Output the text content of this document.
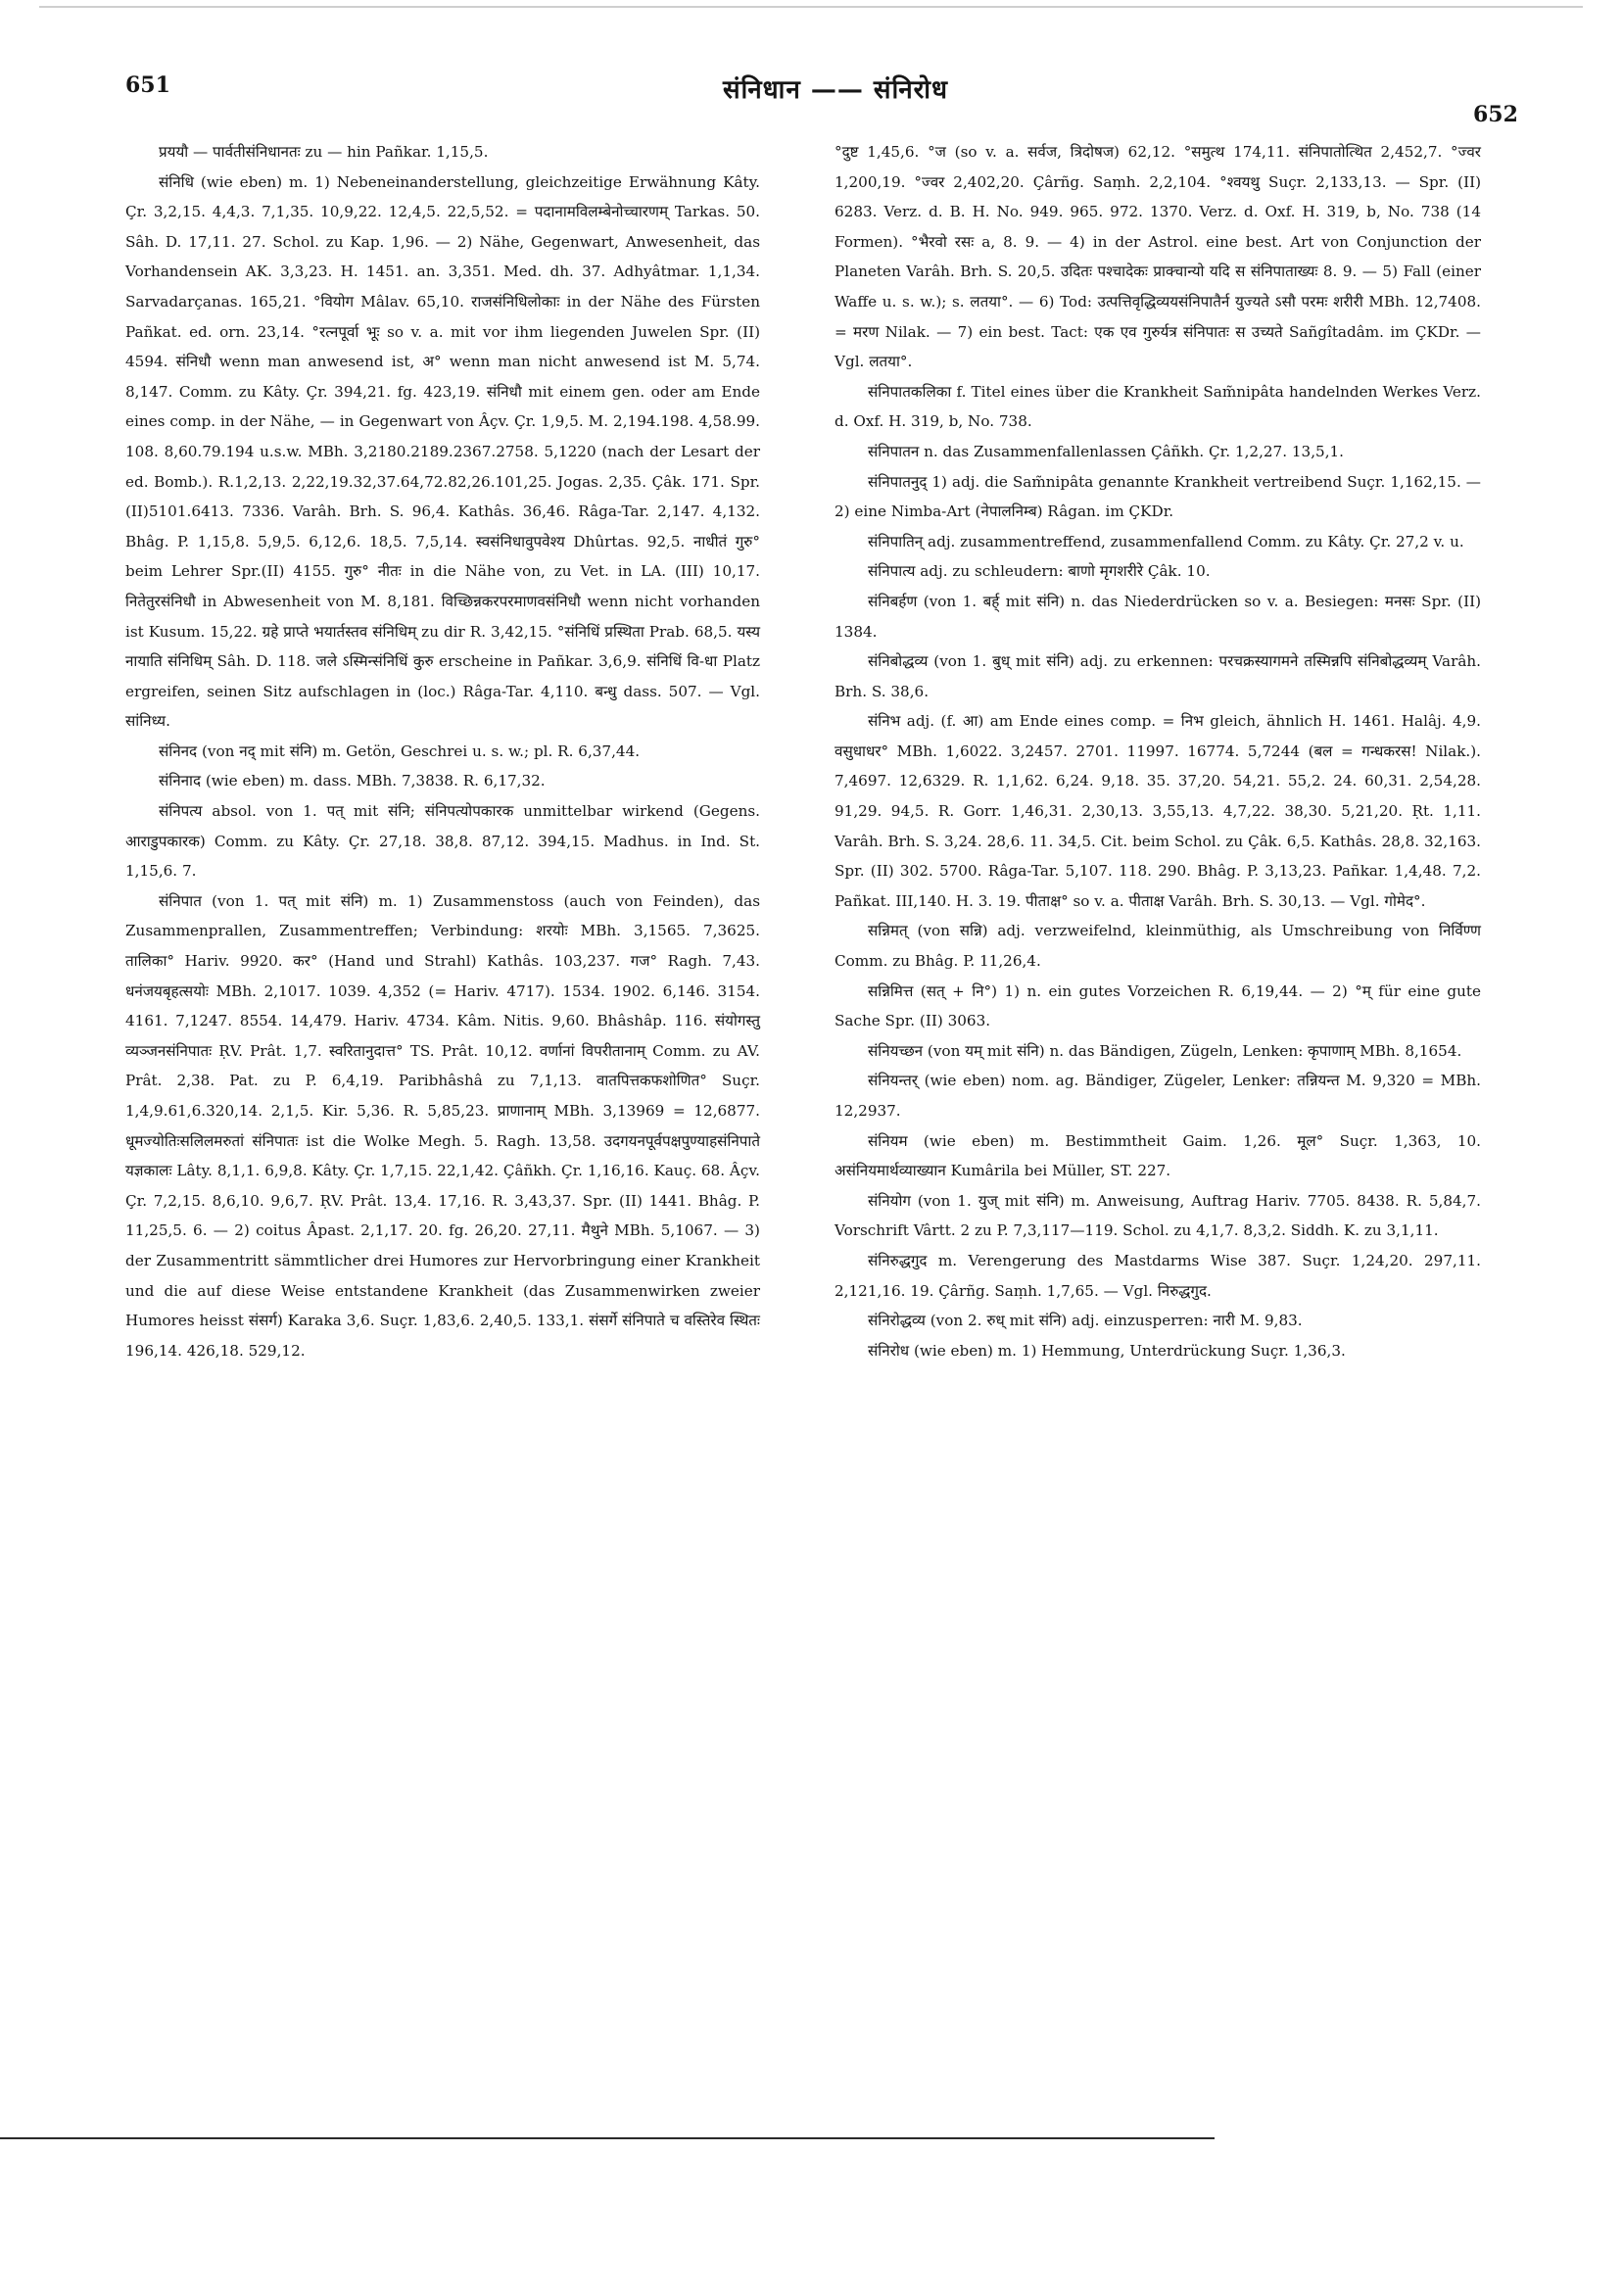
651	संनिधान —— संनिरोध
652

प्रययौ — पार्वतीसंनिधानतः zu — hin Pañkar. 1,15,5.

संनिधि (wie eben) m. 1) Nebeneinanderstellung, gleichzeitige Erwähnung Kâty. Çr. 3,2,15. 4,4,3. 7,1,35. 10,9,22. 12,4,5. 22,5,52. = पदानामविलम्बेनोच्चारणम् Tarkas. 50. Sâh. D. 17,11. 27. Schol. zu Kap. 1,96. — 2) Nähe, Gegenwart, Anwesenheit, das Vorhandensein AK. 3,3,23. H. 1451. an. 3,351. Med. dh. 37. Adhyâtmar. 1,1,34. Sarvadarçanas. 165,21. °वियोग Mâlav. 65,10. राजसंनिधिलोकाः in der Nähe des Fürsten Pañkat. ed. orn. 23,14. °रत्नपूर्वा भूः so v. a. mit vor ihm liegenden Juwelen Spr. (II) 4594. संनिधौ wenn man anwesend ist, अ° wenn man nicht anwesend ist M. 5,74. 8,147. Comm. zu Kâty. Çr. 394,21. fg. 423,19. संनिधौ mit einem gen. oder am Ende eines comp. in der Nähe, — in Gegenwart von Âçv. Çr. 1,9,5. M. 2,194.198. 4,58.99. 108. 8,60.79.194 u.s.w. MBh. 3,2180.2189.2367.2758. 5,1220 (nach der Lesart der ed. Bomb.). R.1,2,13. 2,22,19.32,37.64,72.82,26.101,25. Jogas. 2,35. Çâk. 171. Spr.(II)5101.6413. 7336. Varâh. Brh. S. 96,4. Kathâs. 36,46. Râga-Tar. 2,147. 4,132. Bhâg. P. 1,15,8. 5,9,5. 6,12,6. 18,5. 7,5,14. स्वसंनिधावुपवेश्य Dhûrtas. 92,5. नाधीतं गुरु° beim Lehrer Spr.(II) 4155. गुरु° नीतः in die Nähe von, zu Vet. in LA. (III) 10,17. नितेतुरसंनिधौ in Abwesenheit von M. 8,181. विच्छिन्नकरपरमाणवसंनिधौ wenn nicht vorhanden ist Kusum. 15,22. ग्रहे प्राप्ते भयार्तस्तव संनिधिम् zu dir R. 3,42,15. °संनिधिं प्रस्थिता Prab. 68,5. यस्य नायाति संनिधिम् Sâh. D. 118. जले ऽस्मिन्संनिधिं कुरु erscheine in Pañkar. 3,6,9. संनिधिं वि-धा Platz ergreifen, seinen Sitz aufschlagen in (loc.) Râga-Tar. 4,110. बन्धु dass. 507. — Vgl. सांनिध्य.

संनिनद (von नद् mit संनि) m. Getön, Geschrei u. s. w.; pl. R. 6,37,44.

संनिनाद (wie eben) m. dass. MBh. 7,3838. R. 6,17,32.

संनिपत्य absol. von 1. पत् mit संनि; संनिपत्योपकारक unmittelbar wirkend (Gegens. आराडुपकारक) Comm. zu Kâty. Çr. 27,18. 38,8. 87,12. 394,15. Madhus. in Ind. St. 1,15,6. 7.

संनिपात (von 1. पत् mit संनि) m. 1) Zusammenstoss (auch von Feinden), das Zusammenprallen, Zusammentreffen; Verbindung: शरयोः MBh. 3,1565. 7,3625. तालिका° Hariv. 9920. कर° (Hand und Strahl) Kathâs. 103,237. गज° Ragh. 7,43. धनंजयबृहत्सयोः MBh. 2,1017. 1039. 4,352 (= Hariv. 4717). 1534. 1902. 6,146. 3154. 4161. 7,1247. 8554. 14,479. Hariv. 4734. Kâm. Nitis. 9,60. Bhâshâp. 116. संयोगस्तु व्यञ्जनसंनिपातः ṚV. Prât. 1,7. स्वरितानुदात्त° TS. Prât. 10,12. वर्णानां विपरीतानाम् Comm. zu AV. Prât. 2,38. Pat. zu P. 6,4,19. Paribhâshâ zu 7,1,13. वातपित्तकफशोणित° Suçr. 1,4,9.61,6.320,14. 2,1,5. Kir. 5,36. R. 5,85,23. प्राणानाम् MBh. 3,13969 = 12,6877. धूमज्योतिःसलिलमरुतां संनिपातः ist die Wolke Megh. 5. Ragh. 13,58. उदगयनपूर्वपक्षपुण्याहसंनिपाते यज्ञकालः Lâty. 8,1,1. 6,9,8. Kâty. Çr. 1,7,15. 22,1,42. Çâñkh. Çr. 1,16,16. Kauç. 68. Âçv. Çr. 7,2,15. 8,6,10. 9,6,7. ṚV. Prât. 13,4. 17,16. R. 3,43,37. Spr. (II) 1441. Bhâg. P. 11,25,5. 6. — 2) coitus Âpast. 2,1,17. 20. fg. 26,20. 27,11. मैथुने MBh. 5,1067. — 3) der Zusammentritt sämmtlicher drei Humores zur Hervorbringung einer Krankheit und die auf diese Weise entstandene Krankheit (das Zusammenwirken zweier Humores heisst संसर्ग) Karaka 3,6. Suçr. 1,83,6. 2,40,5. 133,1. संसर्गे संनिपाते च वस्तिरेव स्थितः 196,14. 426,18. 529,12.

°दुष्ट 1,45,6. °ज (so v. a. सर्वज, त्रिदोषज) 62,12. °समुत्थ 174,11. संनिपातोत्थित 2,452,7. °ज्वर 1,200,19. °ज्वर 2,402,20. Çârñg. Saṃh. 2,2,104. °श्वयथु Suçr. 2,133,13. — Spr. (II) 6283. Verz. d. B. H. No. 949. 965. 972. 1370. Verz. d. Oxf. H. 319, b, No. 738 (14 Formen). °भैरवो रसः a, 8. 9. — 4) in der Astrol. eine best. Art von Conjunction der Planeten Varâh. Brh. S. 20,5. उदितः पश्चादेकः प्राक्चान्यो यदि स संनिपाताख्यः 8. 9. — 5) Fall (einer Waffe u. s. w.); s. लतया°. — 6) Tod: उत्पत्तिवृद्धिव्ययसंनिपातैर्न युज्यते ऽसौ परमः शरीरी MBh. 12,7408. = मरण Nilak. — 7) ein best. Tact: एक एव गुरुर्यत्र संनिपातः स उच्यते Sañgîtadâm. im ÇKDr. — Vgl. लतया°.

संनिपातकलिका f. Titel eines über die Krankheit Sam̃nipâta handelnden Werkes Verz. d. Oxf. H. 319, b, No. 738.

संनिपातन n. das Zusammenfallenlassen Çâñkh. Çr. 1,2,27. 13,5,1.

संनिपातनुद् 1) adj. die Sam̃nipâta genannte Krankheit vertreibend Suçr. 1,162,15. — 2) eine Nimba-Art (नेपालनिम्ब) Râgan. im ÇKDr.

संनिपातिन् adj. zusammentreffend, zusammenfallend Comm. zu Kâty. Çr. 27,2 v. u.

संनिपात्य adj. zu schleudern: बाणो मृगशरीरे Çâk. 10.

संनिबर्हण (von 1. बर्ह् mit संनि) n. das Niederdrücken so v. a. Besiegen: मनसः Spr. (II) 1384.

संनिबोद्धव्य (von 1. बुध् mit संनि) adj. zu erkennen: परचक्रस्यागमने तस्मिन्नपि संनिबोद्धव्यम् Varâh. Brh. S. 38,6.

संनिभ adj. (f. आ) am Ende eines comp. = निभ gleich, ähnlich H. 1461. Halâj. 4,9. वसुधाधर° MBh. 1,6022. 3,2457. 2701. 11997. 16774. 5,7244 (बल = गन्धकरस! Nilak.). 7,4697. 12,6329. R. 1,1,62. 6,24. 9,18. 35. 37,20. 54,21. 55,2. 24. 60,31. 2,54,28. 91,29. 94,5. R. Gorr. 1,46,31. 2,30,13. 3,55,13. 4,7,22. 38,30. 5,21,20. Ṛt. 1,11. Varâh. Brh. S. 3,24. 28,6. 11. 34,5. Cit. beim Schol. zu Çâk. 6,5. Kathâs. 28,8. 32,163. Spr. (II) 302. 5700. Râga-Tar. 5,107. 118. 290. Bhâg. P. 3,13,23. Pañkar. 1,4,48. 7,2. Pañkat. III,140. H. 3. 19. पीताक्ष° so v. a. पीताक्ष Varâh. Brh. S. 30,13. — Vgl. गोमेद°.

सन्निमत् (von सन्नि) adj. verzweifelnd, kleinmüthig, als Umschreibung von निर्विण्ण Comm. zu Bhâg. P. 11,26,4.

सन्निमित्त (सत् + नि°) 1) n. ein gutes Vorzeichen R. 6,19,44. — 2) °म् für eine gute Sache Spr. (II) 3063.

संनियच्छन (von यम् mit संनि) n. das Bändigen, Zügeln, Lenken: कृपाणाम् MBh. 8,1654.

संनियन्तर् (wie eben) nom. ag. Bändiger, Zügeler, Lenker: तन्नियन्त M. 9,320 = MBh. 12,2937.

संनियम (wie eben) m. Bestimmtheit Gaim. 1,26. मूल° Suçr. 1,363, 10. असंनियमार्थव्याख्यान Kumârila bei Müller, ST. 227.

संनियोग (von 1. युज् mit संनि) m. Anweisung, Auftrag Hariv. 7705. 8438. R. 5,84,7. Vorschrift Vârtt. 2 zu P. 7,3,117—119. Schol. zu 4,1,7. 8,3,2. Siddh. K. zu 3,1,11.

संनिरुद्धगुद m. Verengerung des Mastdarms Wise 387. Suçr. 1,24,20. 297,11. 2,121,16. 19. Çârñg. Saṃh. 1,7,65. — Vgl. निरुद्धगुद.

संनिरोद्धव्य (von 2. रुध् mit संनि) adj. einzusperren: नारी M. 9,83.

संनिरोध (wie eben) m. 1) Hemmung, Unterdrückung Suçr. 1,36,3.
